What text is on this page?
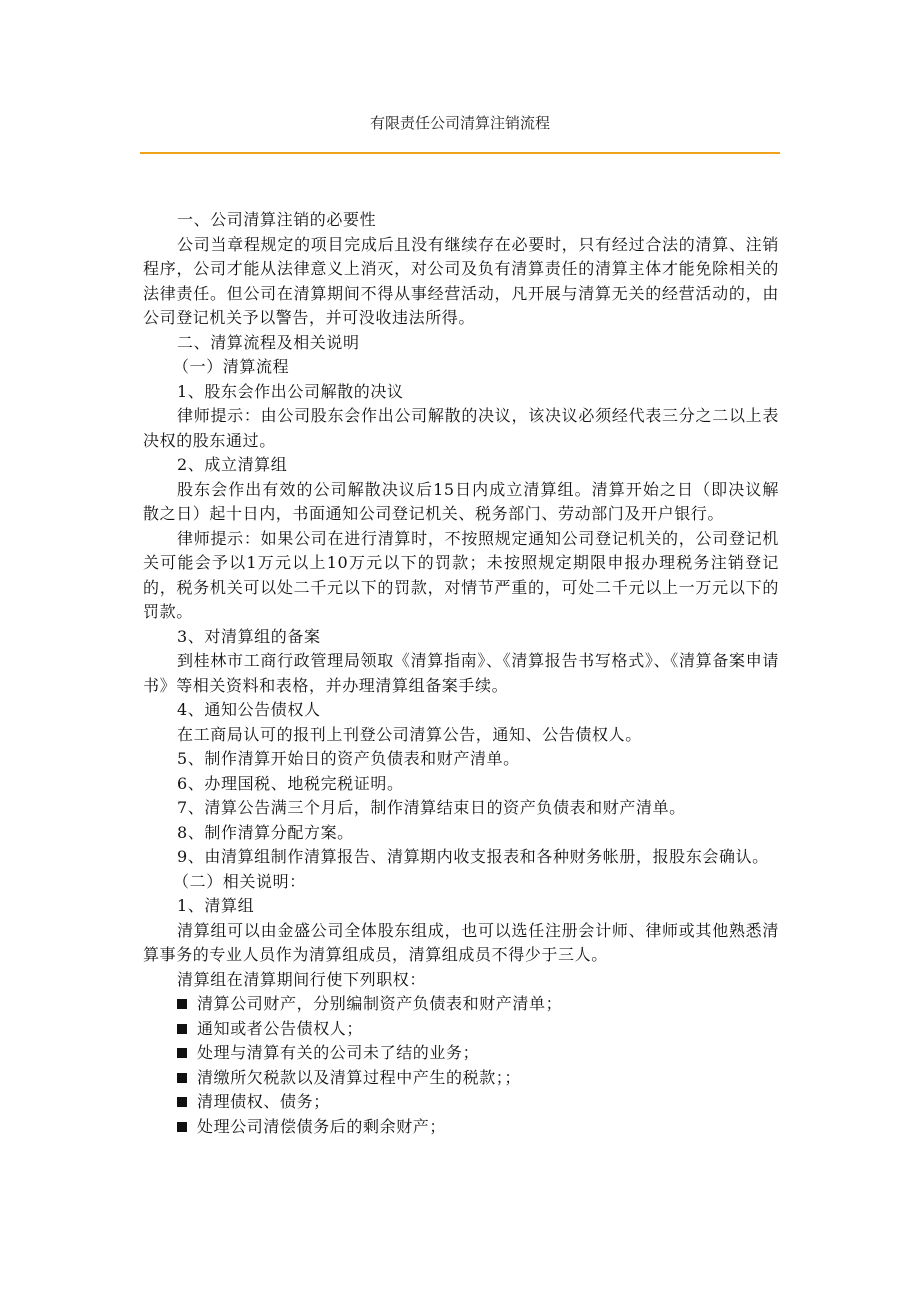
有限责任公司清算注销流程

一、公司清算注销的必要性

公司当章程规定的项目完成后且没有继续存在必要时，只有经过合法的清算、注销程序，公司才能从法律意义上消灭，对公司及负有清算责任的清算主体才能免除相关的法律责任。但公司在清算期间不得从事经营活动，凡开展与清算无关的经营活动的，由公司登记机关予以警告，并可没收违法所得。

二、清算流程及相关说明

（一）清算流程

1、股东会作出公司解散的决议

律师提示：由公司股东会作出公司解散的决议，该决议必须经代表三分之二以上表决权的股东通过。

2、成立清算组

股东会作出有效的公司解散决议后15日内成立清算组。清算开始之日（即决议解散之日）起十日内，书面通知公司登记机关、税务部门、劳动部门及开户银行。

律师提示：如果公司在进行清算时，不按照规定通知公司登记机关的，公司登记机关可能会予以1万元以上10万元以下的罚款；未按照规定期限申报办理税务注销登记的，税务机关可以处二千元以下的罚款，对情节严重的，可处二千元以上一万元以下的罚款。

3、对清算组的备案

到桂林市工商行政管理局领取《清算指南》、《清算报告书写格式》、《清算备案申请书》等相关资料和表格，并办理清算组备案手续。

4、通知公告债权人

在工商局认可的报刊上刊登公司清算公告，通知、公告债权人。

5、制作清算开始日的资产负债表和财产清单。

6、办理国税、地税完税证明。

7、清算公告满三个月后，制作清算结束日的资产负债表和财产清单。

8、制作清算分配方案。

9、由清算组制作清算报告、清算期内收支报表和各种财务帐册，报股东会确认。

（二）相关说明：

1、清算组

清算组可以由金盛公司全体股东组成，也可以选任注册会计师、律师或其他熟悉清算事务的专业人员作为清算组成员，清算组成员不得少于三人。

清算组在清算期间行使下列职权：

清算公司财产，分别编制资产负债表和财产清单；

通知或者公告债权人；

处理与清算有关的公司未了结的业务；

清缴所欠税款以及清算过程中产生的税款；；

清理债权、债务；

处理公司清偿债务后的剩余财产；
